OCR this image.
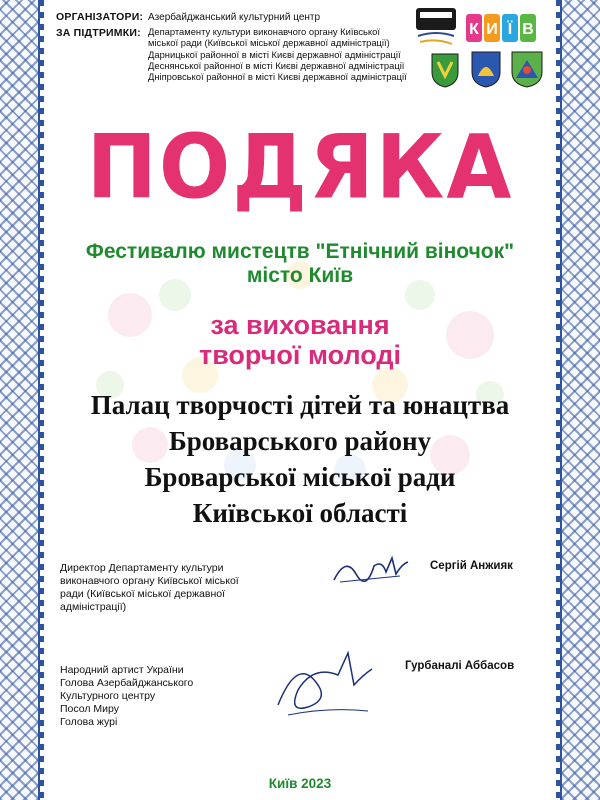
ОРГАНІЗАТОРИ: Азербайджанський культурний центр
ЗА ПІДТРИМКИ: Департаменту культури виконавчого органу Київської
міської ради (Київської міської державної адміністрації)
Дарницької районної в місті Києві державної адміністрації
Деснянської районної в місті Києві державної адміністрації
Дніпровської районної в місті Києві державної адміністрації
К И Ї В
ПОДЯКА
Фестивалю мистецтв "Етнічний віночок"
місто Київ
за виховання
творчої молоді
Палац творчості дітей та юнацтва
Броварського району
Броварської міської ради
Київської області
Директор Департаменту культури
виконавчого органу Київської міської
ради (Київської міської державної
адміністрації)
Сергій Анжияк
Народний артист України
Голова Азербайджанського
Культурного центру
Посол Миру
Голова журі
Гурбаналі Аббасов
Київ 2023
